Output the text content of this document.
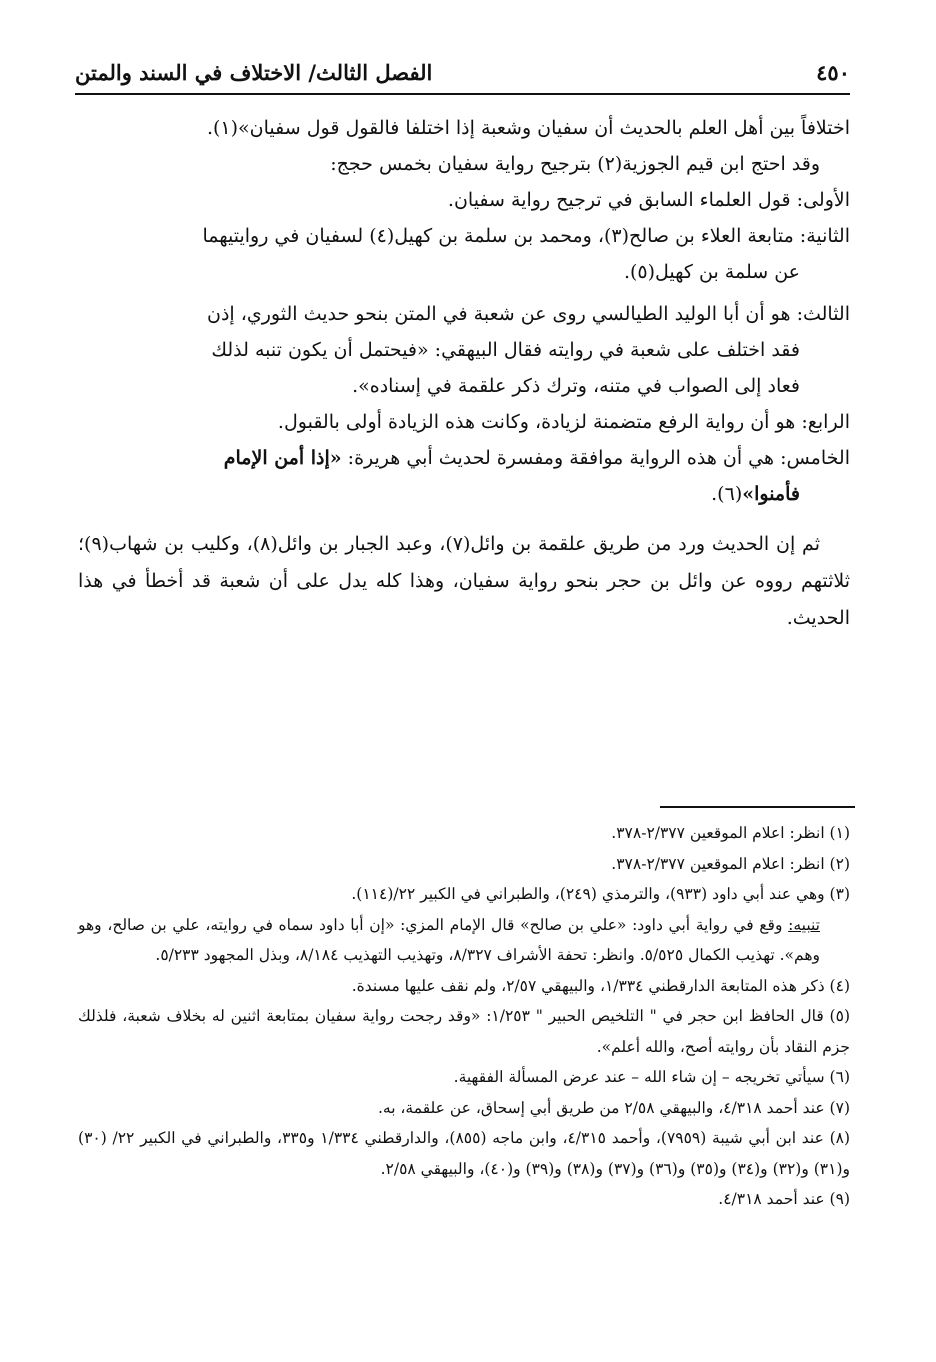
٤٥٠
الفصل الثالث/ الاختلاف في السند والمتن

اختلافاً بين أهل العلم بالحديث أن سفيان وشعبة إذا اختلفا فالقول قول سفيان»(١).

وقد احتج ابن قيم الجوزية(٢) بترجيح رواية سفيان بخمس حجج:

الأولى: قول العلماء السابق في ترجيح رواية سفيان.

الثانية: متابعة العلاء بن صالح(٣)، ومحمد بن سلمة بن كهيل(٤) لسفيان في روايتيهما

عن سلمة بن كهيل(٥).

الثالث: هو أن أبا الوليد الطيالسي روى عن شعبة في المتن بنحو حديث الثوري، إذن

فقد اختلف على شعبة في روايته فقال البيهقي: «فيحتمل أن يكون تنبه لذلك

فعاد إلى الصواب في متنه، وترك ذكر علقمة في إسناده».

الرابع: هو أن رواية الرفع متضمنة لزيادة، وكانت هذه الزيادة أولى بالقبول.

الخامس: هي أن هذه الرواية موافقة ومفسرة لحديث أبي هريرة: «إذا أمن الإمام

فأمنوا»(٦).

ثم إن الحديث ورد من طريق علقمة بن وائل(٧)، وعبد الجبار بن وائل(٨)، وكليب بن شهاب(٩)؛ ثلاثتهم رووه عن وائل بن حجر بنحو رواية سفيان، وهذا كله يدل على أن شعبة قد أخطأ في هذا الحديث.

(١) انظر: اعلام الموقعين ٢/٣٧٧-٣٧٨.

(٢) انظر: اعلام الموقعين ٢/٣٧٧-٣٧٨.

(٣) وهي عند أبي داود (٩٣٣)، والترمذي (٢٤٩)، والطبراني في الكبير ٢٢/(١١٤).

تنبيه: وقع في رواية أبي داود: «علي بن صالح» قال الإمام المزي: «إن أبا داود سماه في روايته، علي بن صالح، وهو وهم». تهذيب الكمال ٥/٥٢٥. وانظر: تحفة الأشراف ٨/٣٢٧، وتهذيب التهذيب ٨/١٨٤، وبذل المجهود ٥/٢٣٣.

(٤) ذكر هذه المتابعة الدارقطني ١/٣٣٤، والبيهقي ٢/٥٧، ولم نقف عليها مسندة.

(٥) قال الحافظ ابن حجر في " التلخيص الحبير " ١/٢٥٣: «وقد رجحت رواية سفيان بمتابعة اثنين له بخلاف شعبة، فلذلك جزم النقاد بأن روايته أصح، والله أعلم».

(٦) سيأتي تخريجه – إن شاء الله – عند عرض المسألة الفقهية.

(٧) عند أحمد ٤/٣١٨، والبيهقي ٢/٥٨ من طريق أبي إسحاق، عن علقمة، به.

(٨) عند ابن أبي شيبة (٧٩٥٩)، وأحمد ٤/٣١٥، وابن ماجه (٨٥٥)، والدارقطني ١/٣٣٤ و٣٣٥، والطبراني في الكبير ٢٢/ (٣٠) و(٣١) و(٣٢) و(٣٤) و(٣٥) و(٣٦) و(٣٧) و(٣٨) و(٣٩) و(٤٠)، والبيهقي ٢/٥٨.

(٩) عند أحمد ٤/٣١٨.
